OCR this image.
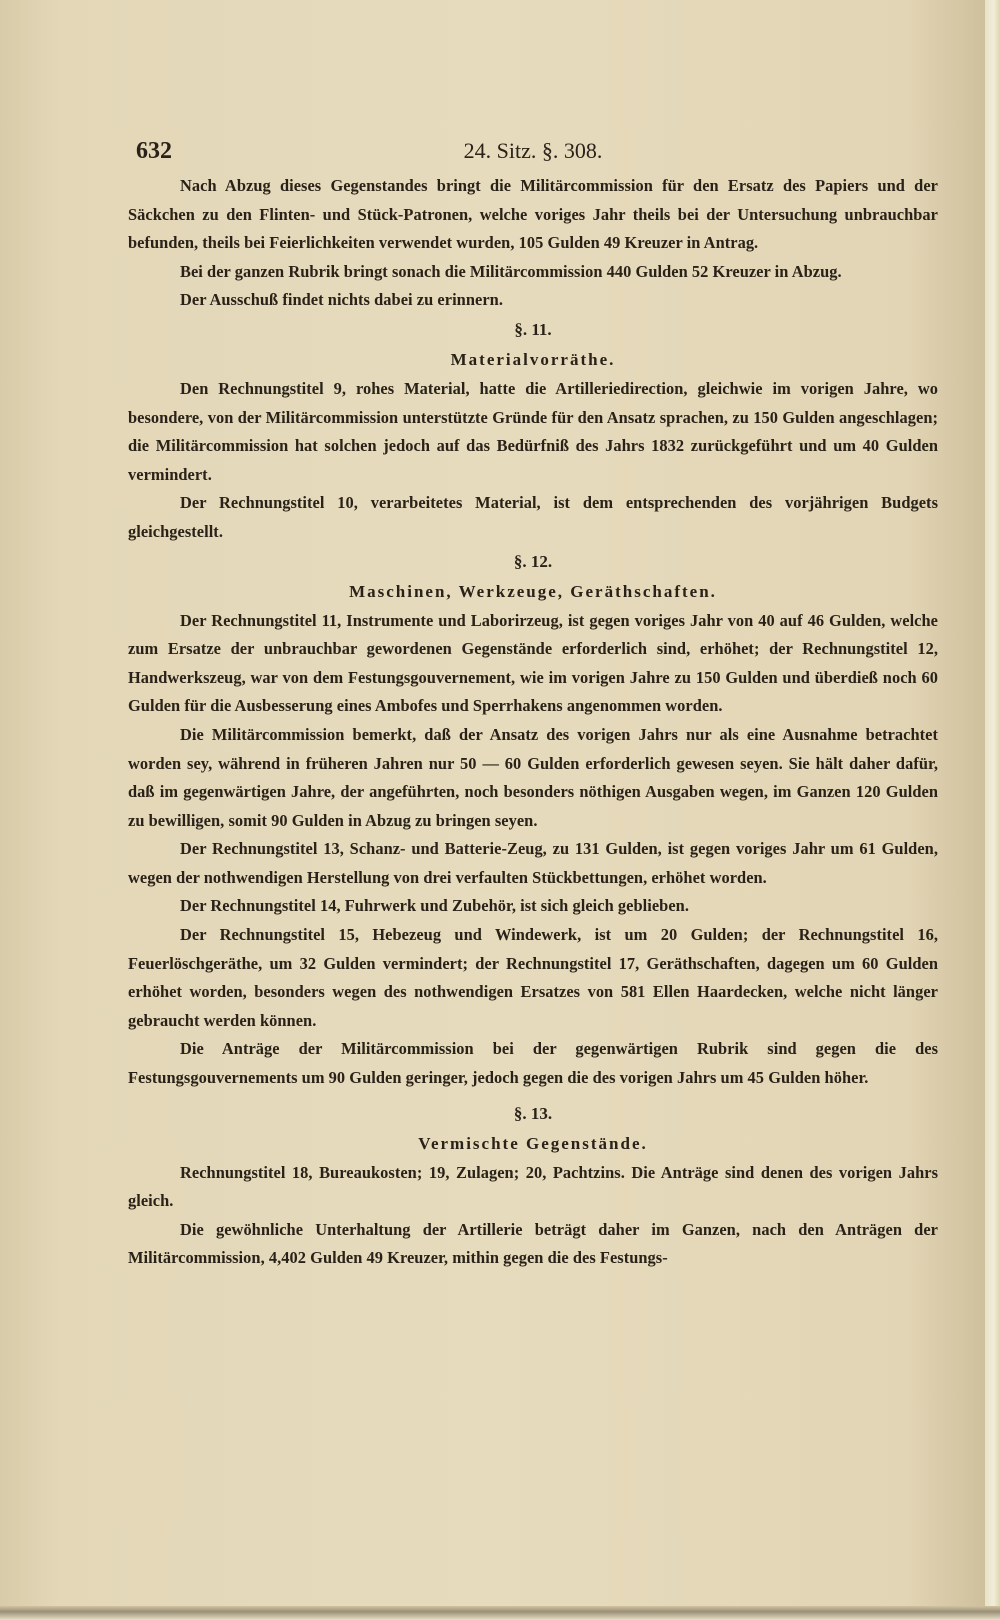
632	24. Sitz. §. 308.

Nach Abzug dieses Gegenstandes bringt die Militärcommission für den Ersatz des Papiers und der Säckchen zu den Flinten- und Stück-Patronen, welche voriges Jahr theils bei der Untersuchung unbrauchbar befunden, theils bei Feierlichkeiten verwendet wurden, 105 Gulden 49 Kreuzer in Antrag.

Bei der ganzen Rubrik bringt sonach die Militärcommission 440 Gulden 52 Kreuzer in Abzug.

Der Ausschuß findet nichts dabei zu erinnern.

§. 11.

Materialvorräthe.

Den Rechnungstitel 9, rohes Material, hatte die Artilleriedirection, gleichwie im vorigen Jahre, wo besondere, von der Militärcommission unterstützte Gründe für den Ansatz sprachen, zu 150 Gulden angeschlagen; die Militärcommission hat solchen jedoch auf das Bedürfniß des Jahrs 1832 zurückgeführt und um 40 Gulden vermindert.

Der Rechnungstitel 10, verarbeitetes Material, ist dem entsprechenden des vorjährigen Budgets gleichgestellt.

§. 12.

Maschinen, Werkzeuge, Geräthschaften.

Der Rechnungstitel 11, Instrumente und Laborirzeug, ist gegen voriges Jahr von 40 auf 46 Gulden, welche zum Ersatze der unbrauchbar gewordenen Gegenstände erforderlich sind, erhöhet; der Rechnungstitel 12, Handwerkszeug, war von dem Festungsgouvernement, wie im vorigen Jahre zu 150 Gulden und überdieß noch 60 Gulden für die Ausbesserung eines Ambofes und Sperrhakens angenommen worden.

Die Militärcommission bemerkt, daß der Ansatz des vorigen Jahrs nur als eine Ausnahme betrachtet worden sey, während in früheren Jahren nur 50 — 60 Gulden erforderlich gewesen seyen. Sie hält daher dafür, daß im gegenwärtigen Jahre, der angeführten, noch besonders nöthigen Ausgaben wegen, im Ganzen 120 Gulden zu bewilligen, somit 90 Gulden in Abzug zu bringen seyen.

Der Rechnungstitel 13, Schanz- und Batterie-Zeug, zu 131 Gulden, ist gegen voriges Jahr um 61 Gulden, wegen der nothwendigen Herstellung von drei verfaulten Stückbettungen, erhöhet worden.

Der Rechnungstitel 14, Fuhrwerk und Zubehör, ist sich gleich geblieben.

Der Rechnungstitel 15, Hebezeug und Windewerk, ist um 20 Gulden; der Rechnungstitel 16, Feuerlöschgeräthe, um 32 Gulden vermindert; der Rechnungstitel 17, Geräthschaften, dagegen um 60 Gulden erhöhet worden, besonders wegen des nothwendigen Ersatzes von 581 Ellen Haardecken, welche nicht länger gebraucht werden können.

Die Anträge der Militärcommission bei der gegenwärtigen Rubrik sind gegen die des Festungsgouvernements um 90 Gulden geringer, jedoch gegen die des vorigen Jahrs um 45 Gulden höher.

§. 13.

Vermischte Gegenstände.

Rechnungstitel 18, Bureaukosten; 19, Zulagen; 20, Pachtzins. Die Anträge sind denen des vorigen Jahrs gleich.

Die gewöhnliche Unterhaltung der Artillerie beträgt daher im Ganzen, nach den Anträgen der Militärcommission, 4,402 Gulden 49 Kreuzer, mithin gegen die des Festungs-
